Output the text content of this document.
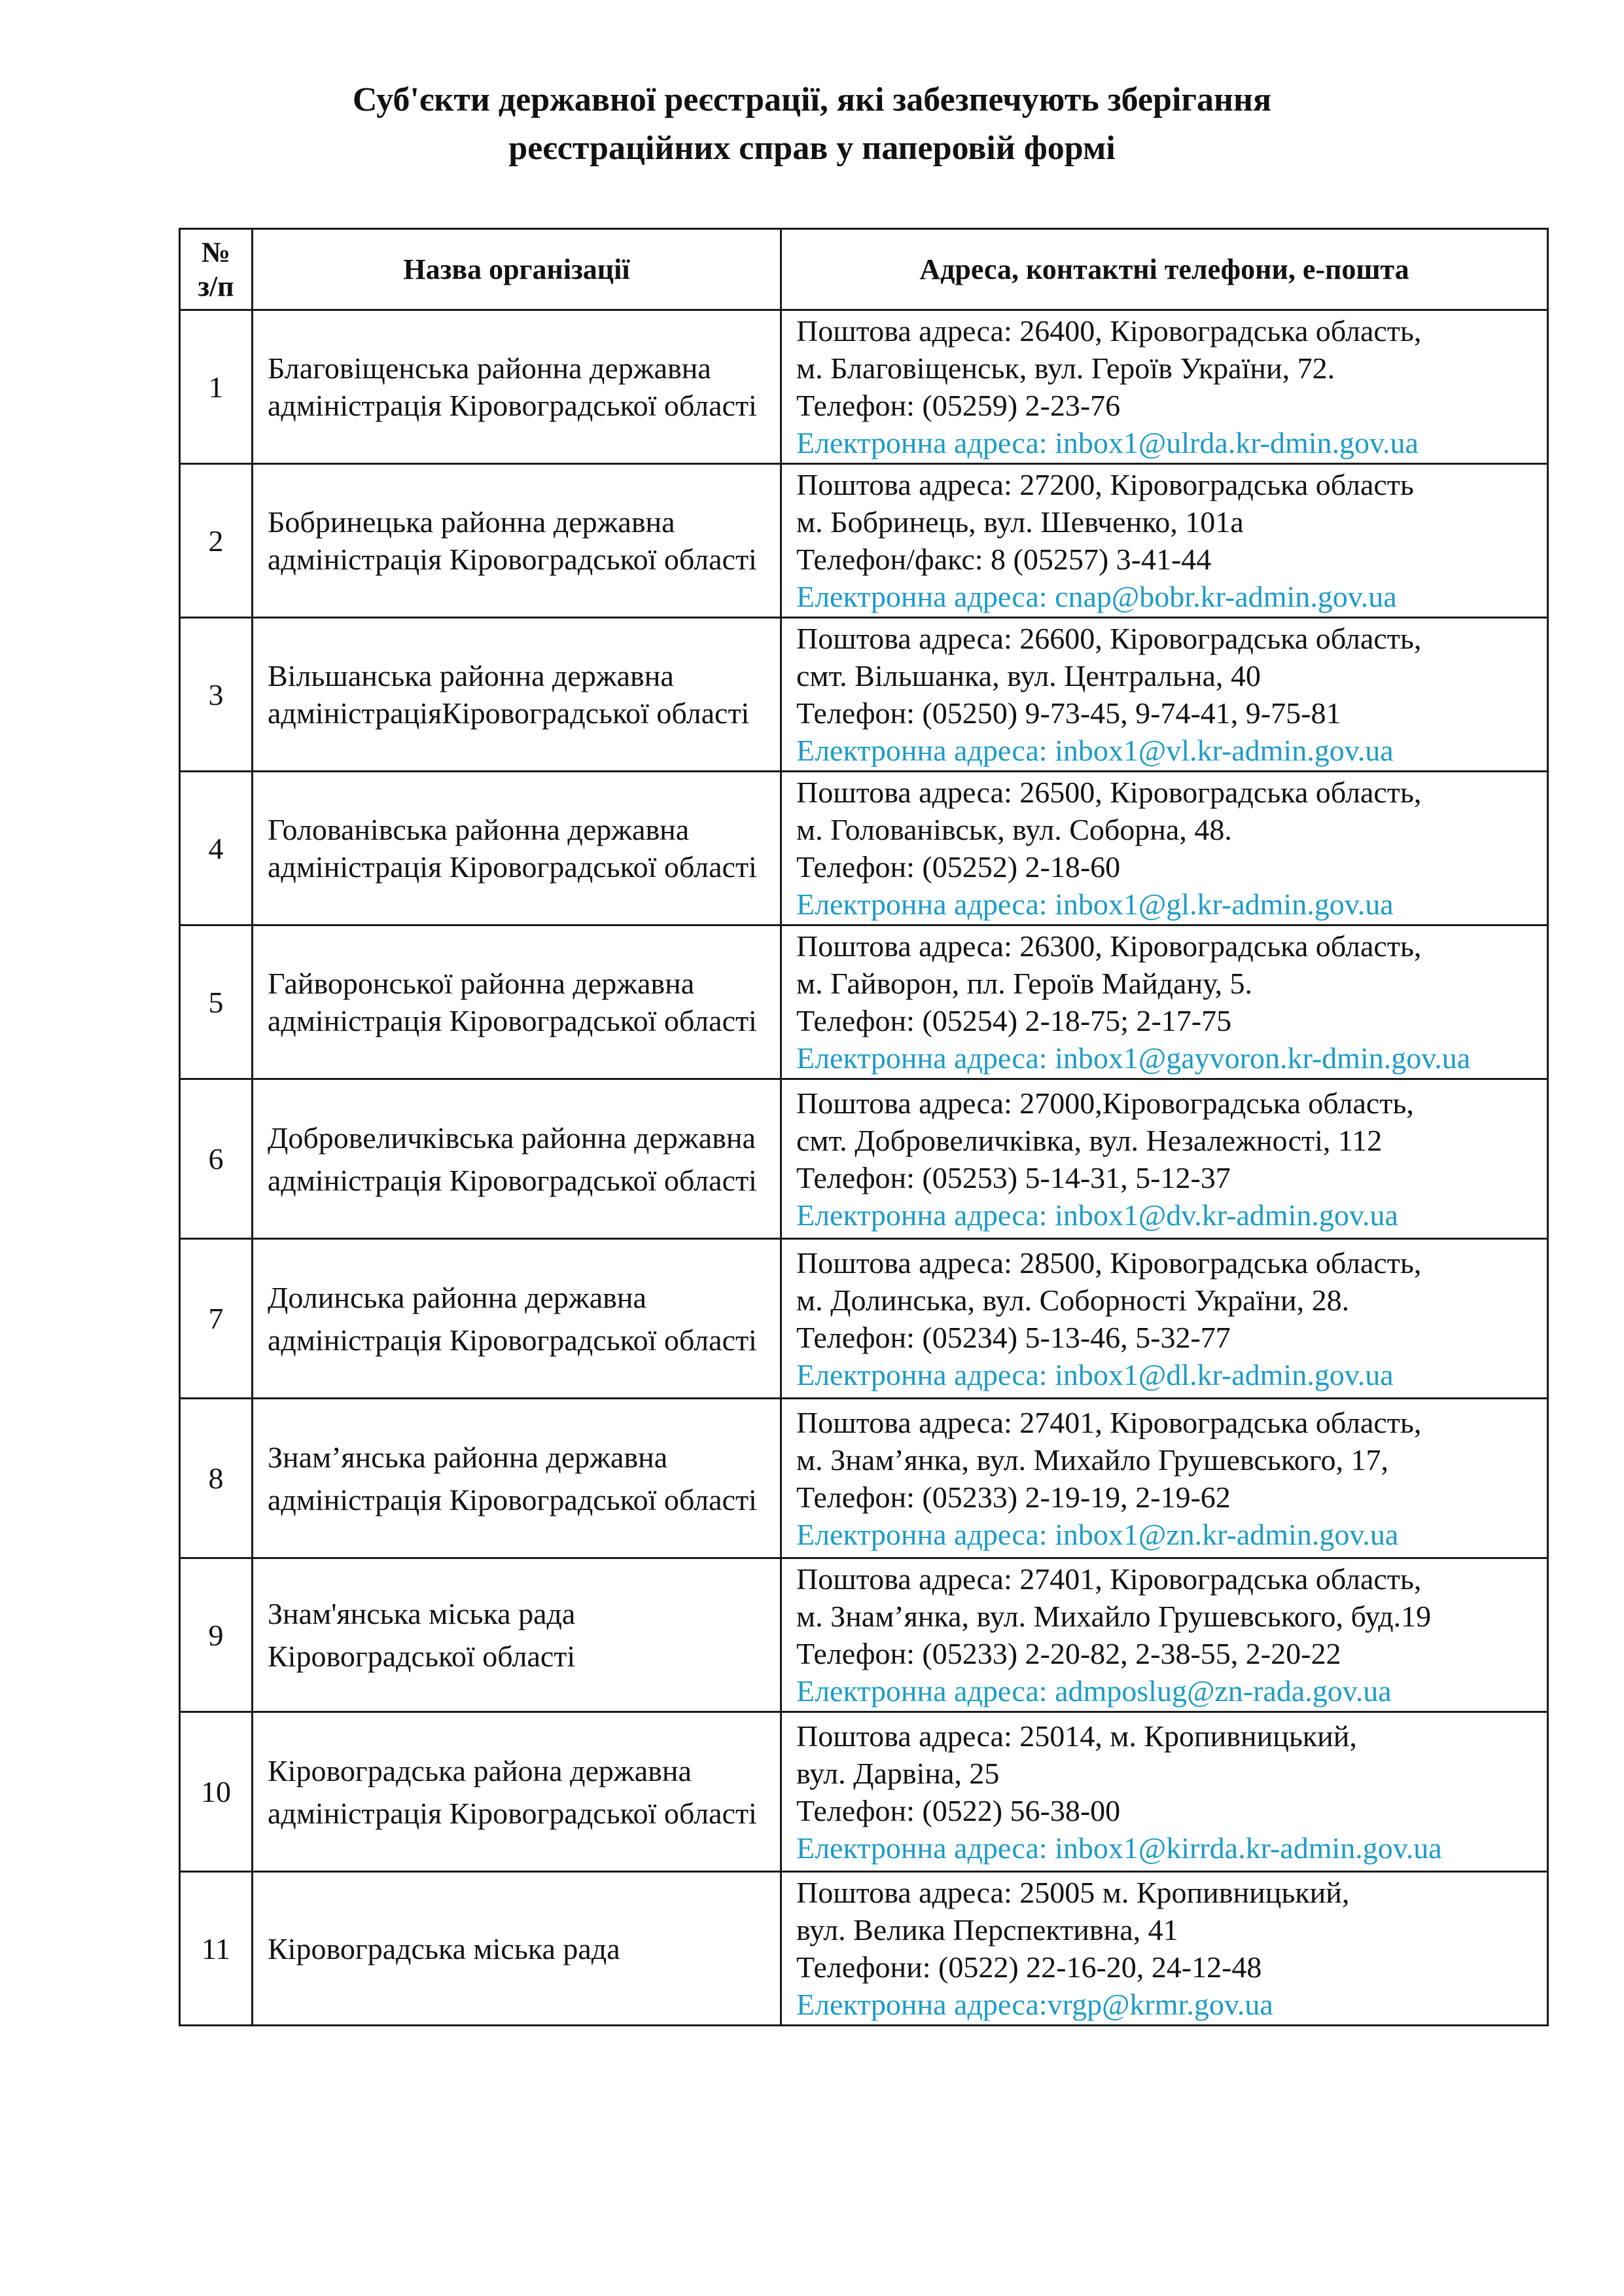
Суб'єкти державної реєстрації, які забезпечують зберігання
реєстраційних справ у паперовій формі
№
з/п	Назва організації	Адреса, контактні телефони, е-пошта
1	Благовіщенська районна державна адміністрація Кіровоградської області	Поштова адреса: 26400, Кіровоградська область,
м. Благовіщенськ, вул. Героїв України, 72.
Телефон: (05259) 2-23-76
Електронна адреса: inbox1@ulrda.kr-dmin.gov.ua

2	Бобринецька районна державна адміністрація Кіровоградської області	Поштова адреса: 27200, Кіровоградська область
м. Бобринець, вул. Шевченко, 101а
Телефон/факс: 8 (05257) 3-41-44
Електронна адреса: cnap@bobr.kr-admin.gov.ua

3	Вільшанська районна державна адміністраціяКіровоградської області	Поштова адреса: 26600, Кіровоградська область,
смт. Вільшанка, вул. Центральна, 40
Телефон: (05250) 9-73-45, 9-74-41, 9-75-81
Електронна адреса: inbox1@vl.kr-admin.gov.ua

4	Голованівська районна державна адміністрація Кіровоградської області	Поштова адреса: 26500, Кіровоградська область,
м. Голованівськ, вул. Соборна, 48.
Телефон: (05252) 2-18-60
Електронна адреса: inbox1@gl.kr-admin.gov.ua

5	Гайворонської районна державна адміністрація Кіровоградської області	Поштова адреса: 26300, Кіровоградська область,
м. Гайворон, пл. Героїв Майдану, 5.
Телефон: (05254) 2-18-75; 2-17-75
Електронна адреса: inbox1@gayvoron.kr-dmin.gov.ua

6	Добровеличківська районна державна адміністрація Кіровоградської області	Поштова адреса: 27000,Кіровоградська область,
смт. Добровеличківка, вул. Незалежності, 112
Телефон: (05253) 5-14-31, 5-12-37
Електронна адреса: inbox1@dv.kr-admin.gov.ua

7	Долинська районна державна адміністрація Кіровоградської області	Поштова адреса: 28500, Кіровоградська область,
м. Долинська, вул. Соборності України, 28.
Телефон: (05234) 5-13-46, 5-32-77
Електронна адреса: inbox1@dl.kr-admin.gov.ua

8	Знам’янська районна державна адміністрація Кіровоградської області	Поштова адреса: 27401, Кіровоградська область,
м. Знам’янка, вул. Михайло Грушевського, 17,
Телефон: (05233) 2-19-19, 2-19-62
Електронна адреса: inbox1@zn.kr-admin.gov.ua

9	Знам'янська міська рада Кіровоградської області	Поштова адреса: 27401, Кіровоградська область,
м. Знам’янка, вул. Михайло Грушевського, буд.19
Телефон: (05233) 2-20-82, 2-38-55, 2-20-22
Електронна адреса: admposlug@zn-rada.gov.ua

10	Кіровоградська района державна адміністрація Кіровоградської області	Поштова адреса: 25014, м. Кропивницький,
вул. Дарвіна, 25
Телефон: (0522) 56-38-00
Електронна адреса: inbox1@kirrda.kr-admin.gov.ua

11	Кіровоградська міська рада	Поштова адреса: 25005 м. Кропивницький,
вул. Велика Перспективна, 41
Телефони: (0522) 22-16-20, 24-12-48
Електронна адреса:vrgp@krmr.gov.ua
